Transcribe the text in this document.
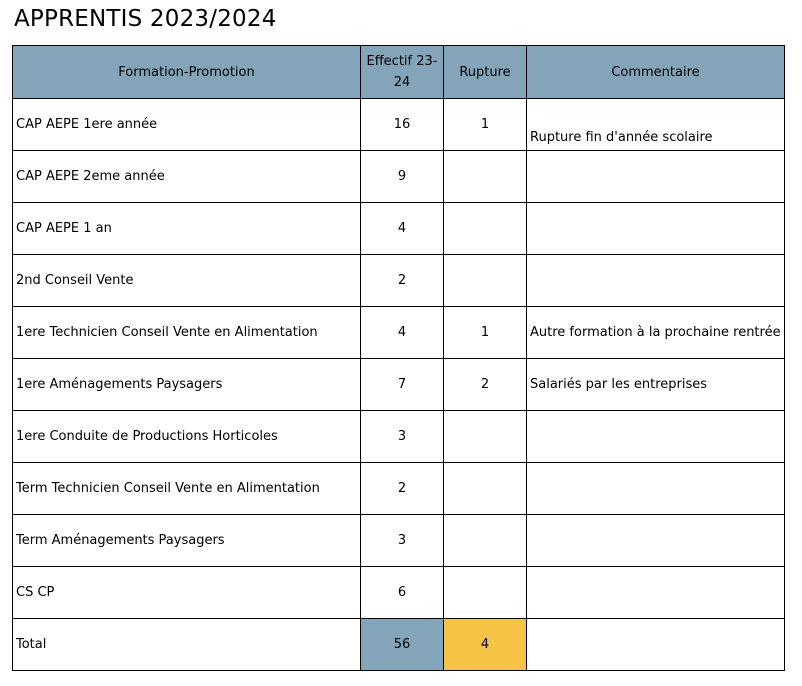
APPRENTIS 2023/2024
Formation-Promotion	Effectif 23-24	Rupture	Commentaire
CAP AEPE 1ere année	16	1	Rupture fin d'année scolaire
CAP AEPE 2eme année	9		
CAP AEPE 1 an	4		
2nd Conseil Vente	2		
1ere Technicien Conseil Vente en Alimentation	4	1	Autre formation à la prochaine rentrée
1ere Aménagements Paysagers	7	2	Salariés par les entreprises
1ere Conduite de Productions Horticoles	3		
Term Technicien Conseil Vente en Alimentation	2		
Term Aménagements Paysagers	3		
CS CP	6		
Total	56	4	
